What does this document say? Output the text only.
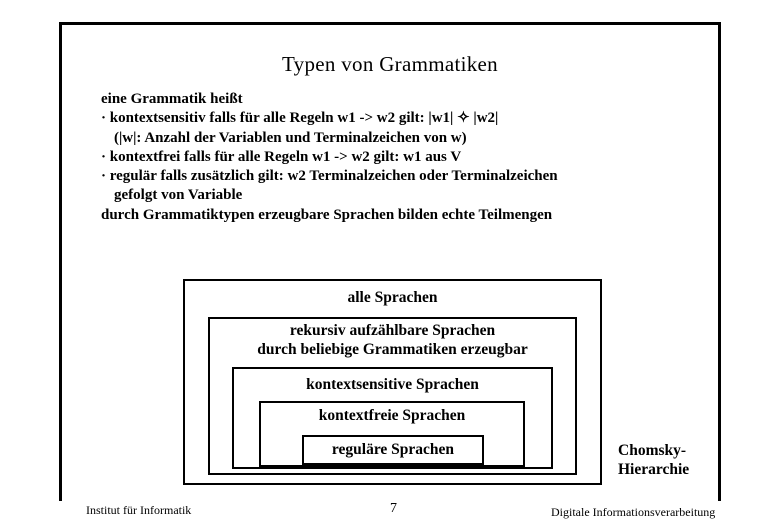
Typen von Grammatiken
eine Grammatik heißt
· kontextsensitiv falls für alle Regeln w1 -> w2 gilt: |w1| ✧ |w2|
(|w|: Anzahl der Variablen und Terminalzeichen von w)
· kontextfrei falls für alle Regeln w1 -> w2 gilt: w1 aus V
· regulär falls zusätzlich gilt: w2 Terminalzeichen oder Terminalzeichen
gefolgt von Variable
durch Grammatiktypen erzeugbare Sprachen bilden echte Teilmengen
alle Sprachen
rekursiv aufzählbare Sprachen
durch beliebige Grammatiken erzeugbar
kontextsensitive Sprachen
kontextfreie Sprachen
reguläre Sprachen	Chomsky-
Hierarchie
Institut für Informatik	7	Digitale Informationsverarbeitung
